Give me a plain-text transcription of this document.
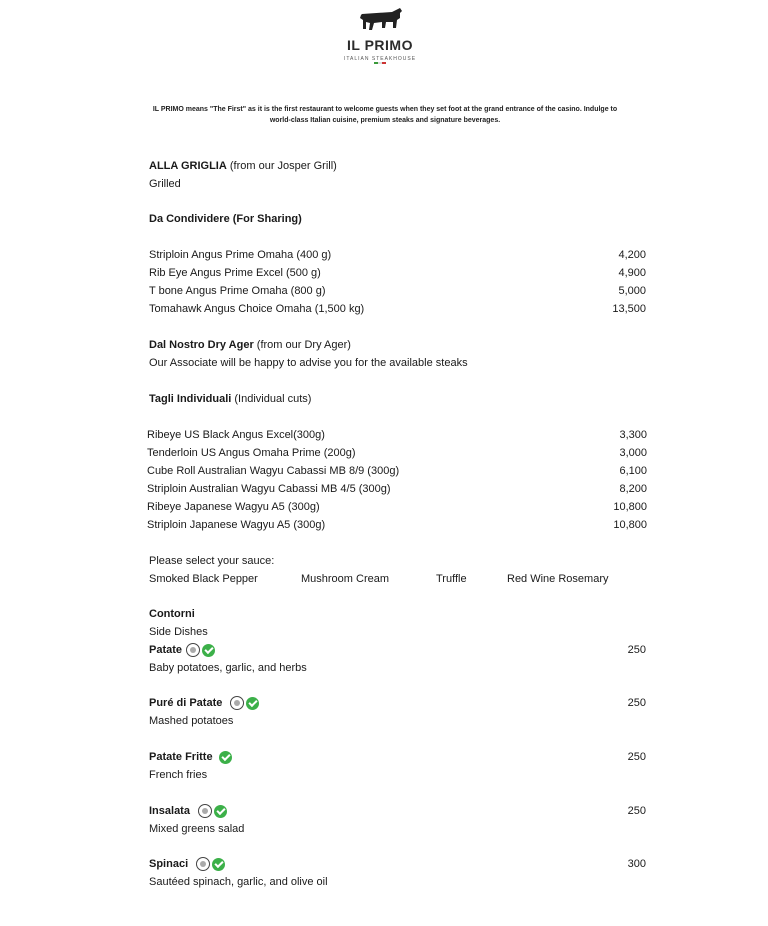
IL PRIMO
ITALIAN STEAKHOUSE
IL PRIMO means "The First" as it is the first restaurant to welcome guests when they set foot at the grand entrance of the casino. Indulge to world-class Italian cuisine, premium steaks and signature beverages.
ALLA GRIGLIA (from our Josper Grill)
Grilled
Da Condividere (For Sharing)
Striploin Angus Prime Omaha (400 g)	4,200
Rib Eye Angus Prime Excel (500 g)	4,900
T bone Angus Prime Omaha (800 g)	5,000
Tomahawk Angus Choice Omaha (1,500 kg)	13,500
Dal Nostro Dry Ager (from our Dry Ager)
Our Associate will be happy to advise you for the available steaks
Tagli Individuali (Individual cuts)
Ribeye US Black Angus Excel(300g)	3,300
Tenderloin US Angus Omaha Prime (200g)	3,000
Cube Roll Australian Wagyu Cabassi MB 8/9 (300g)	6,100
Striploin Australian Wagyu Cabassi MB 4/5 (300g)	8,200
Ribeye Japanese Wagyu A5 (300g)	10,800
Striploin Japanese Wagyu A5 (300g)	10,800
Please select your sauce:
Smoked Black Pepper	Mushroom Cream	Truffle	Red Wine Rosemary
Contorni
Side Dishes
Patate	250
Baby potatoes, garlic, and herbs
Puré di Patate	250
Mashed potatoes
Patate Fritte	250
French fries
Insalata	250
Mixed greens salad
Spinaci	300
Sautéed spinach, garlic, and olive oil
